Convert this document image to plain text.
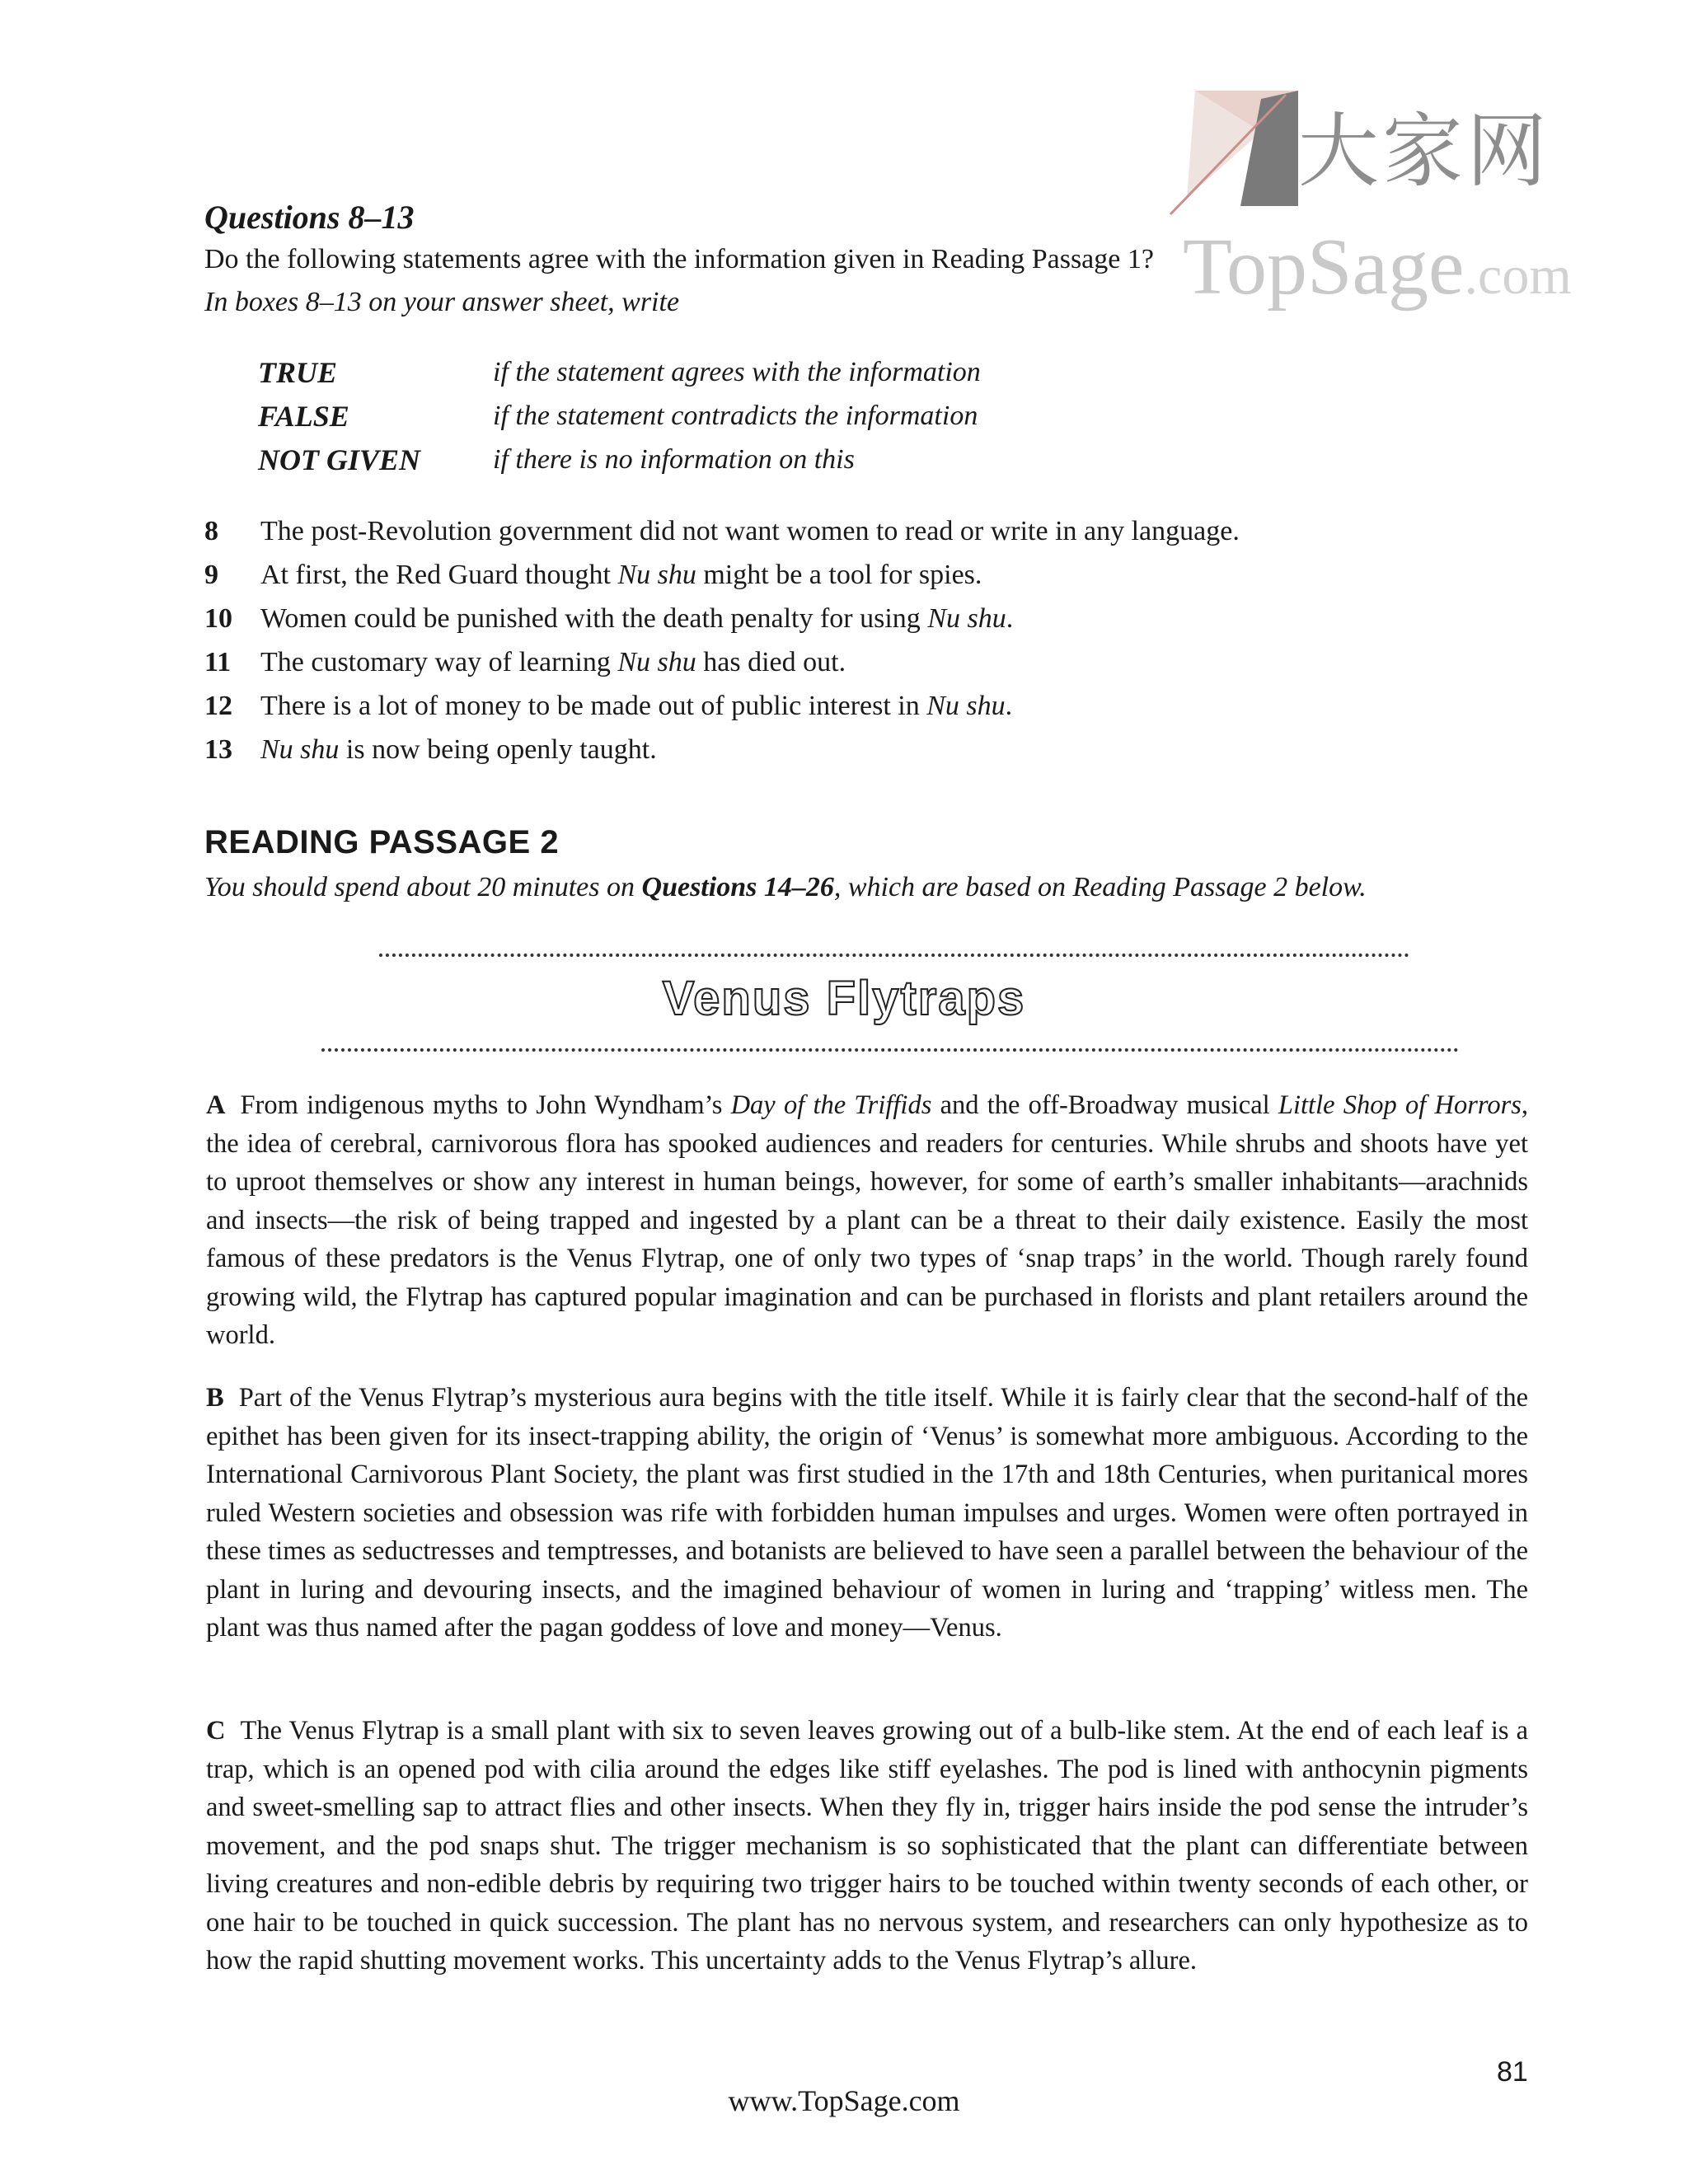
大家网
TopSage.com
Questions 8–13
Do the following statements agree with the information given in Reading Passage 1?
In boxes 8–13 on your answer sheet, write
TRUE	if the statement agrees with the information
FALSE	if the statement contradicts the information
NOT GIVEN	if there is no information on this
8 The post-Revolution government did not want women to read or write in any language.
9 At first, the Red Guard thought Nu shu might be a tool for spies.
10 Women could be punished with the death penalty for using Nu shu.
11 The customary way of learning Nu shu has died out.
12 There is a lot of money to be made out of public interest in Nu shu.
13 Nu shu is now being openly taught.
READING PASSAGE 2
You should spend about 20 minutes on Questions 14–26, which are based on Reading Passage 2 below.
Venus Flytraps
A From indigenous myths to John Wyndham’s Day of the Triffids and the off-Broadway musical Little Shop of Horrors, the idea of cerebral, carnivorous flora has spooked audiences and readers for centuries. While shrubs and shoots have yet to uproot themselves or show any interest in human beings, however, for some of earth’s smaller inhabitants—arachnids and insects—the risk of being trapped and ingested by a plant can be a threat to their daily existence. Easily the most famous of these predators is the Venus Flytrap, one of only two types of ‘snap traps’ in the world. Though rarely found growing wild, the Flytrap has captured popular imagination and can be purchased in florists and plant retailers around the world.
B Part of the Venus Flytrap’s mysterious aura begins with the title itself. While it is fairly clear that the second-half of the epithet has been given for its insect-trapping ability, the origin of ‘Venus’ is somewhat more ambiguous. According to the International Carnivorous Plant Society, the plant was first studied in the 17th and 18th Centuries, when puritanical mores ruled Western societies and obsession was rife with forbidden human impulses and urges. Women were often portrayed in these times as seductresses and temptresses, and botanists are believed to have seen a parallel between the behaviour of the plant in luring and devouring insects, and the imagined behaviour of women in luring and ‘trapping’ witless men. The plant was thus named after the pagan goddess of love and money—Venus.
C The Venus Flytrap is a small plant with six to seven leaves growing out of a bulb-like stem. At the end of each leaf is a trap, which is an opened pod with cilia around the edges like stiff eyelashes. The pod is lined with anthocynin pigments and sweet-smelling sap to attract flies and other insects. When they fly in, trigger hairs inside the pod sense the intruder’s movement, and the pod snaps shut. The trigger mechanism is so sophisticated that the plant can differentiate between living creatures and non-edible debris by requiring two trigger hairs to be touched within twenty seconds of each other, or one hair to be touched in quick succession. The plant has no nervous system, and researchers can only hypothesize as to how the rapid shutting movement works. This uncertainty adds to the Venus Flytrap’s allure.
81
www.TopSage.com
